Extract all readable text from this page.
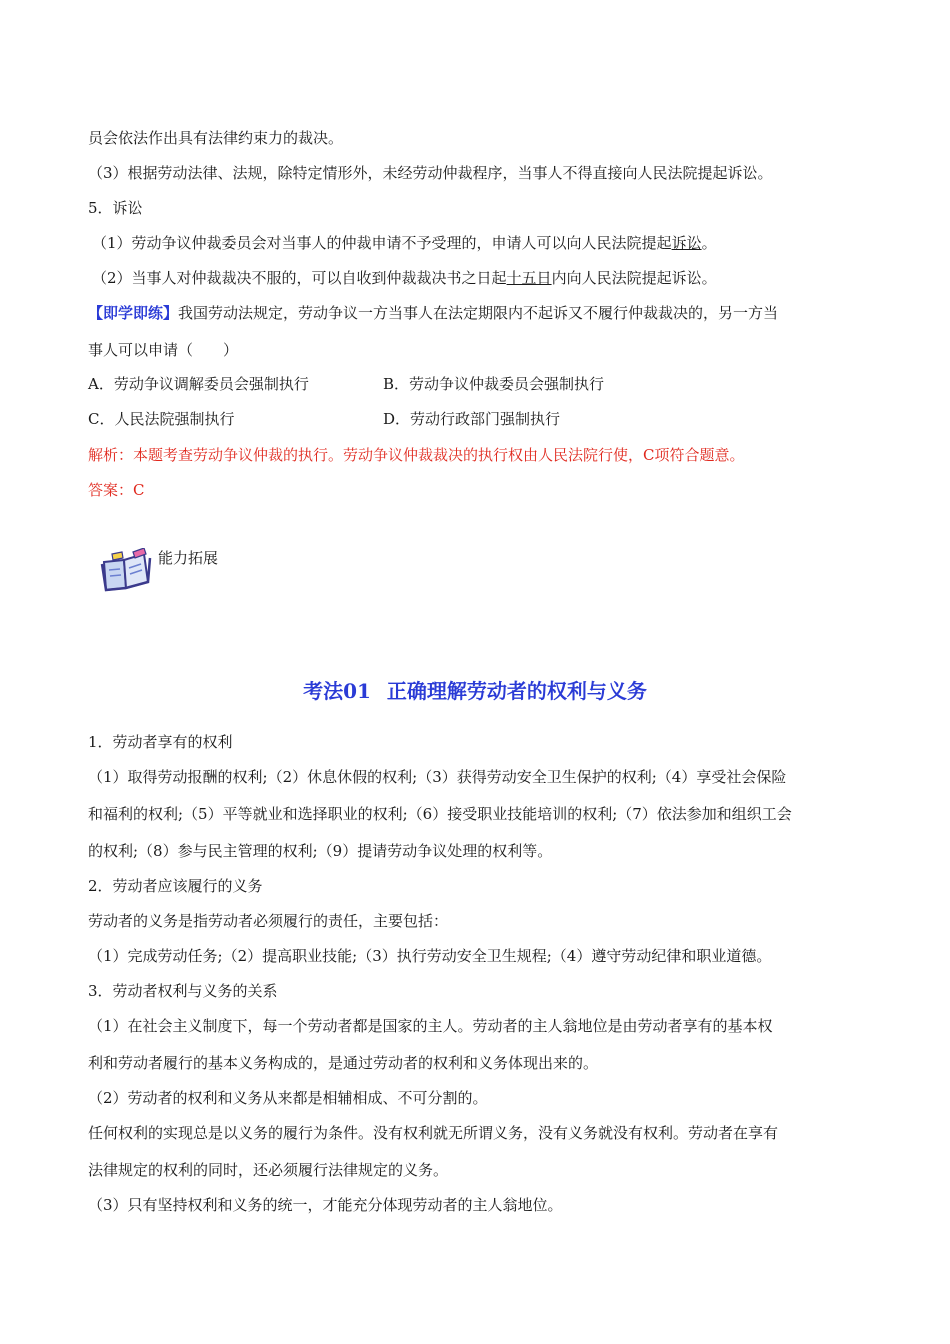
员会依法作出具有法律约束力的裁决。
（3）根据劳动法律、法规，除特定情形外，未经劳动仲裁程序，当事人不得直接向人民法院提起诉讼。
5．诉讼
（1）劳动争议仲裁委员会对当事人的仲裁申请不予受理的，申请人可以向人民法院提起诉讼。
（2）当事人对仲裁裁决不服的，可以自收到仲裁裁决书之日起十五日内向人民法院提起诉讼。
【即学即练】我国劳动法规定，劳动争议一方当事人在法定期限内不起诉又不履行仲裁裁决的，另一方当
事人可以申请（　　）
A．劳动争议调解委员会强制执行	B．劳动争议仲裁委员会强制执行
C．人民法院强制执行	D．劳动行政部门强制执行
解析：本题考查劳动争议仲裁的执行。劳动争议仲裁裁决的执行权由人民法院行使，C项符合题意。
答案：C
能力拓展
考法01 正确理解劳动者的权利与义务
1．劳动者享有的权利
（1）取得劳动报酬的权利;（2）休息休假的权利;（3）获得劳动安全卫生保护的权利;（4）享受社会保险
和福利的权利;（5）平等就业和选择职业的权利;（6）接受职业技能培训的权利;（7）依法参加和组织工会
的权利;（8）参与民主管理的权利;（9）提请劳动争议处理的权利等。
2．劳动者应该履行的义务
劳动者的义务是指劳动者必须履行的责任，主要包括：
（1）完成劳动任务;（2）提高职业技能;（3）执行劳动安全卫生规程;（4）遵守劳动纪律和职业道德。
3．劳动者权利与义务的关系
（1）在社会主义制度下，每一个劳动者都是国家的主人。劳动者的主人翁地位是由劳动者享有的基本权
利和劳动者履行的基本义务构成的，是通过劳动者的权利和义务体现出来的。
（2）劳动者的权利和义务从来都是相辅相成、不可分割的。
任何权利的实现总是以义务的履行为条件。没有权利就无所谓义务，没有义务就没有权利。劳动者在享有
法律规定的权利的同时，还必须履行法律规定的义务。
（3）只有坚持权利和义务的统一，才能充分体现劳动者的主人翁地位。
